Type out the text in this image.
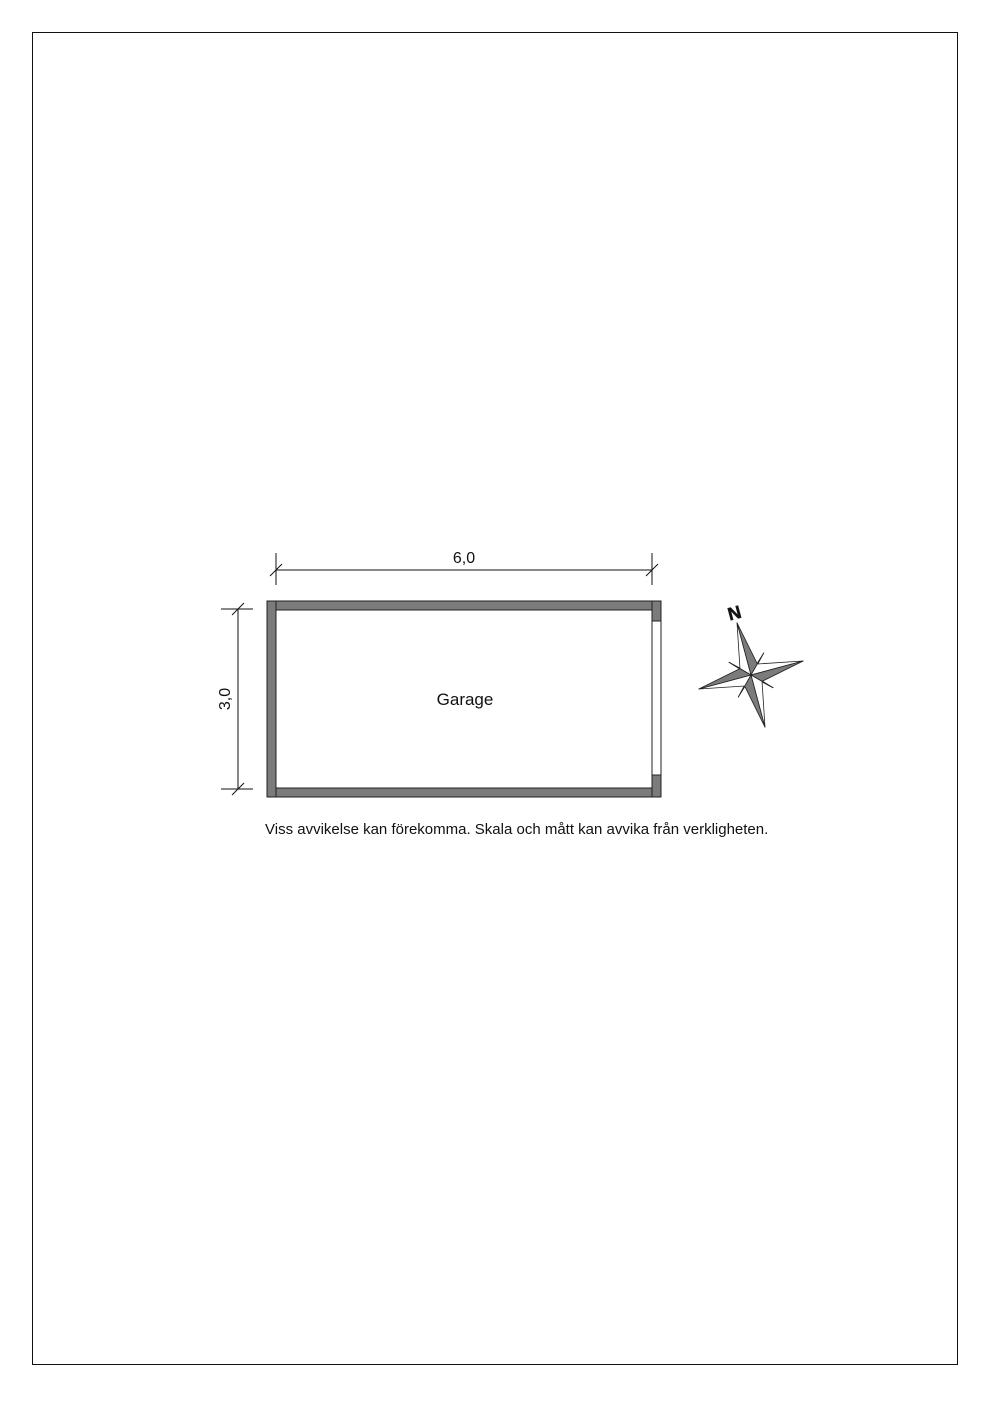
6,0
3,0	Garage
N
Viss avvikelse kan förekomma. Skala och mått kan avvika från verkligheten.
